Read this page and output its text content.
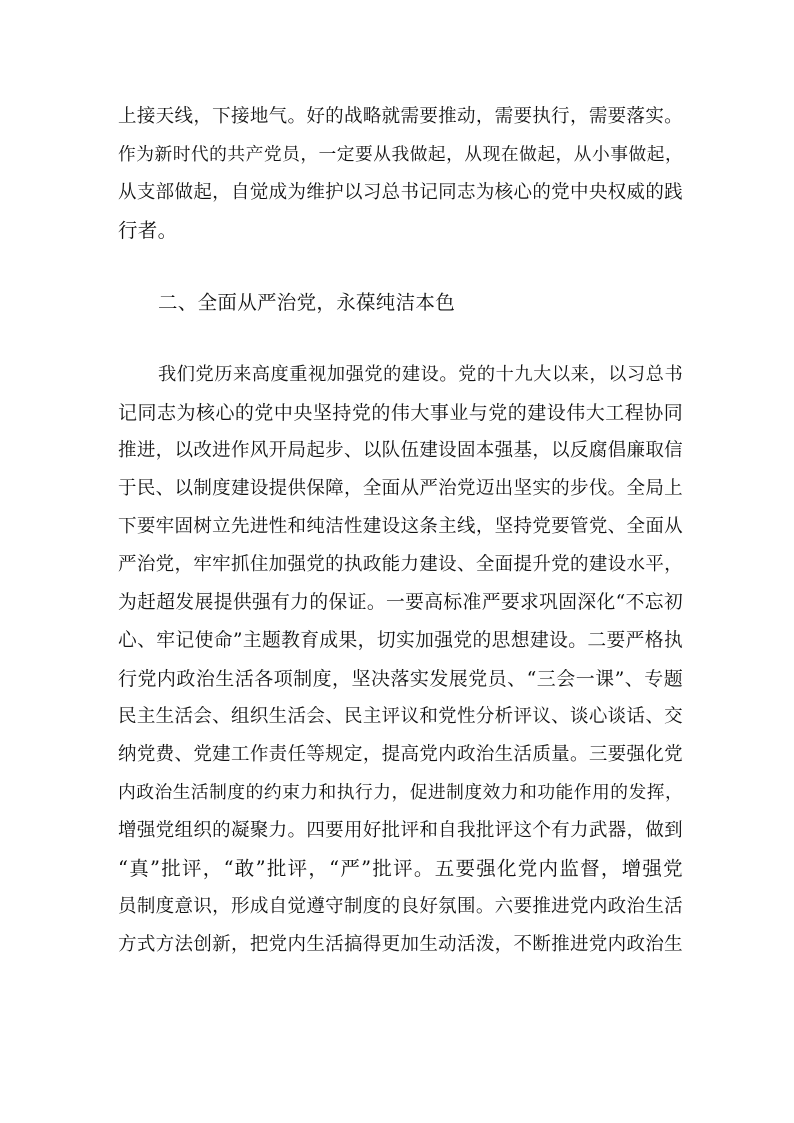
上接天线，下接地气。好的战略就需要推动，需要执行，需要落实。
作为新时代的共产党员，一定要从我做起，从现在做起，从小事做起，
从支部做起，自觉成为维护以习总书记同志为核心的党中央权威的践
行者。
二、全面从严治党，永葆纯洁本色
我们党历来高度重视加强党的建设。党的十九大以来，以习总书
记同志为核心的党中央坚持党的伟大事业与党的建设伟大工程协同
推进，以改进作风开局起步、以队伍建设固本强基，以反腐倡廉取信
于民、以制度建设提供保障，全面从严治党迈出坚实的步伐。全局上
下要牢固树立先进性和纯洁性建设这条主线，坚持党要管党、全面从
严治党，牢牢抓住加强党的执政能力建设、全面提升党的建设水平，
为赶超发展提供强有力的保证。一要高标准严要求巩固深化“不忘初
心、牢记使命”主题教育成果，切实加强党的思想建设。二要严格执
行党内政治生活各项制度，坚决落实发展党员、“三会一课”、专题
民主生活会、组织生活会、民主评议和党性分析评议、谈心谈话、交
纳党费、党建工作责任等规定，提高党内政治生活质量。三要强化党
内政治生活制度的约束力和执行力，促进制度效力和功能作用的发挥，
增强党组织的凝聚力。四要用好批评和自我批评这个有力武器，做到
“真”批评，“敢”批评，“严”批评。五要强化党内监督，增强党
员制度意识，形成自觉遵守制度的良好氛围。六要推进党内政治生活
方式方法创新，把党内生活搞得更加生动活泼，不断推进党内政治生
